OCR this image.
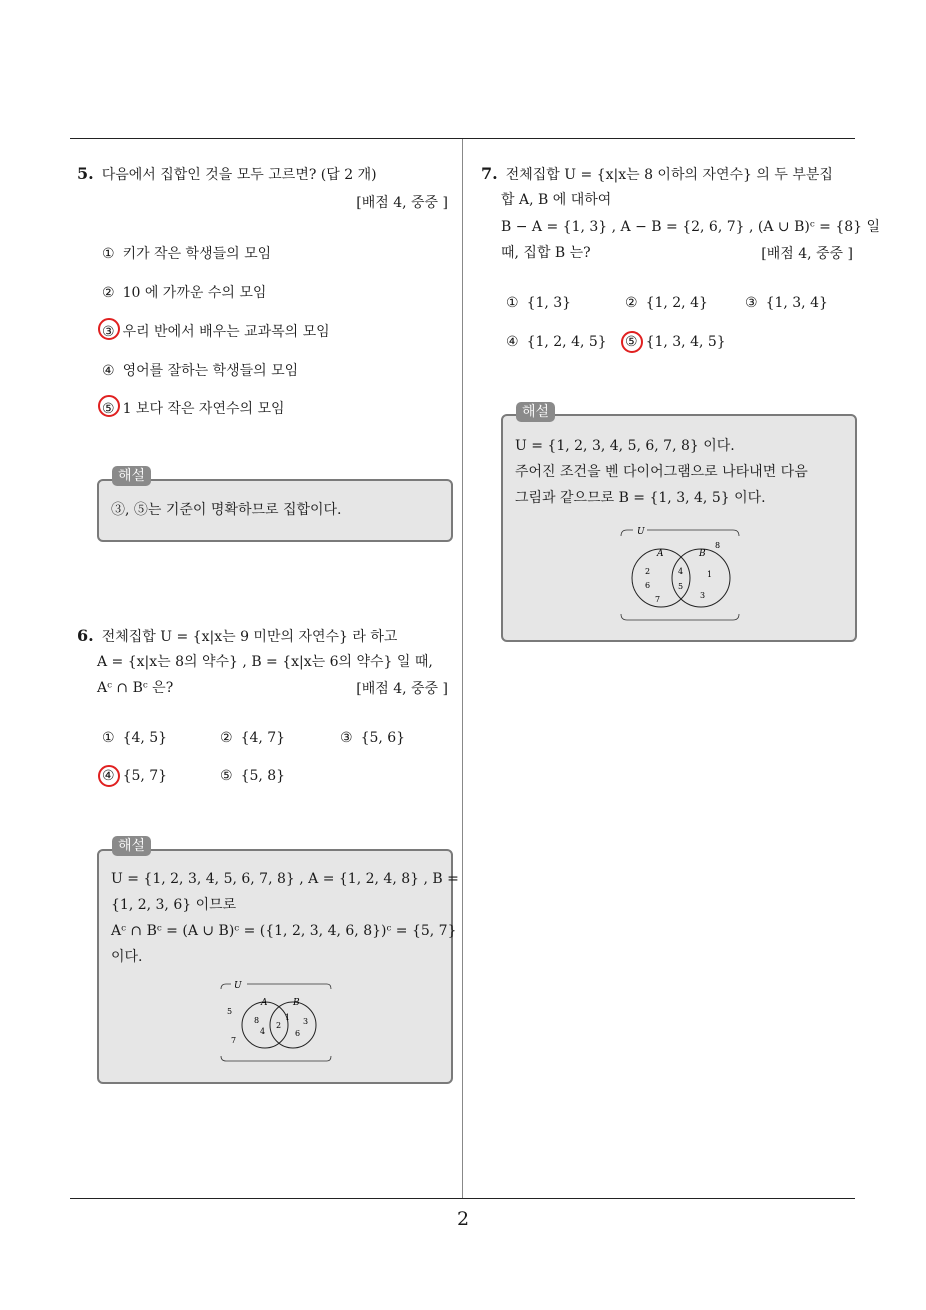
2
5. 다음에서 집합인 것을 모두 고르면? (답 2 개)
[배점 4, 중중 ]
① 키가 작은 학생들의 모임
② 10 에 가까운 수의 모임
③ 우리 반에서 배우는 교과목의 모임
④ 영어를 잘하는 학생들의 모임
⑤ 1 보다 작은 자연수의 모임
③, ⑤는 기준이 명확하므로 집합이다.
해설
6. 전체집합 U = {x|x는 9 미만의 자연수} 라 하고
A = {x|x는 8의 약수} , B = {x|x는 6의 약수} 일 때,
Aᶜ ∩ Bᶜ 은?	[배점 4, 중중 ]
① {4, 5}	② {4, 7}	③ {5, 6}
④ {5, 7}	⑤ {5, 8}
U = {1, 2, 3, 4, 5, 6, 7, 8} , A = {1, 2, 4, 8} , B =
{1, 2, 3, 6} 이므로
Aᶜ ∩ Bᶜ = (A ∪ B)ᶜ = ({1, 2, 3, 4, 6, 8})ᶜ = {5, 7}
이다.
U
A	B
5
7
8
4
2
1 3
6
해설
7. 전체집합 U = {x|x는 8 이하의 자연수} 의 두 부분집
합 A, B 에 대하여
B − A = {1, 3} , A − B = {2, 6, 7} , (A ∪ B)ᶜ = {8} 일
때, 집합 B 는?	[배점 4, 중중 ]
① {1, 3}	② {1, 2, 4}	③ {1, 3, 4}
④ {1, 2, 4, 5} ⑤ {1, 3, 4, 5}
U = {1, 2, 3, 4, 5, 6, 7, 8} 이다.
주어진 조건을 벤 다이어그램으로 나타내면 다음
그림과 같으므로 B = {1, 3, 4, 5} 이다.
U
A	B
8
2
6
7
4
5
1
3
해설
